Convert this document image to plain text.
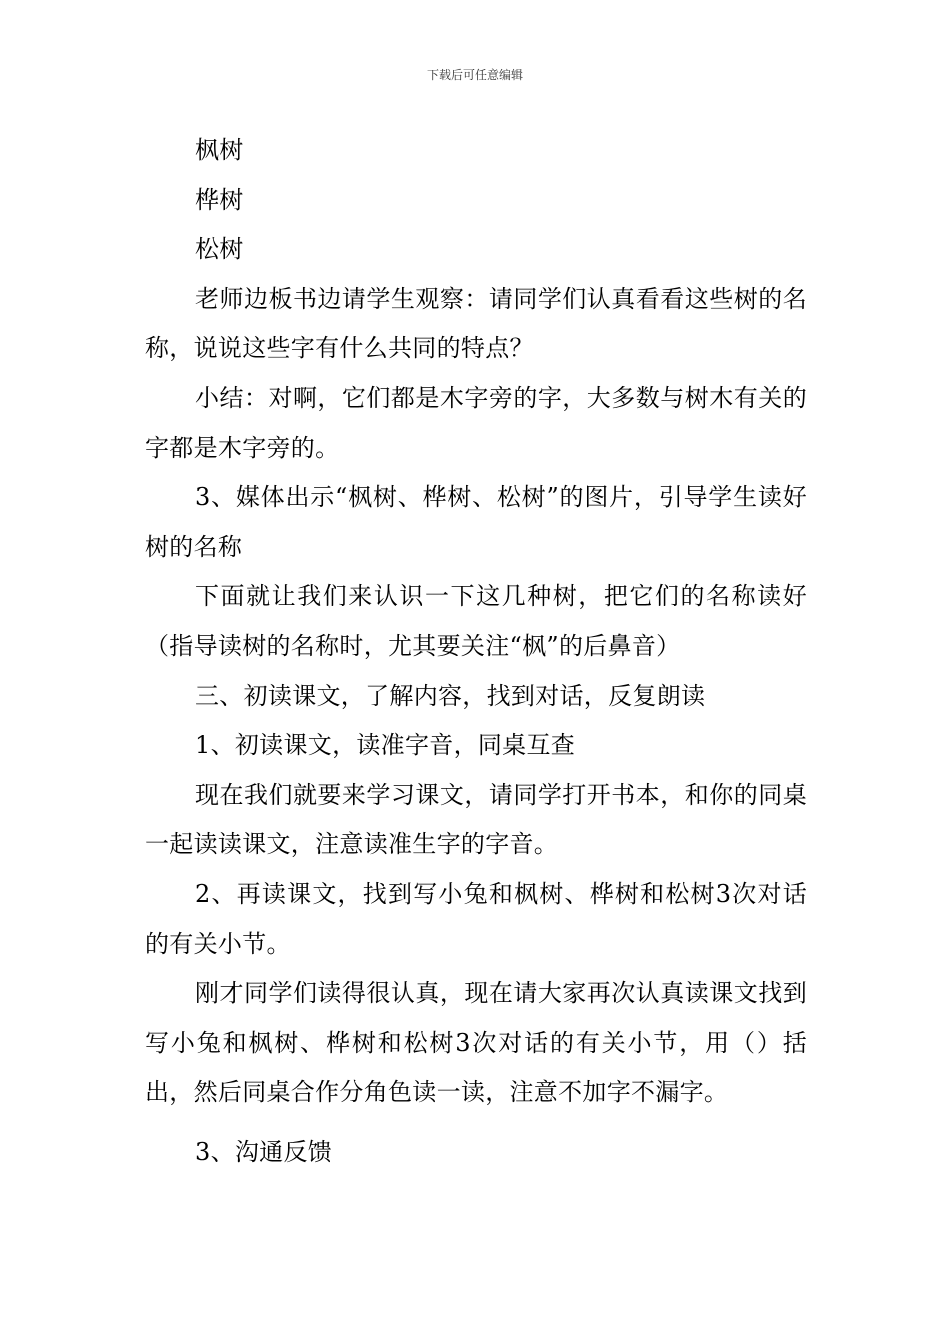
下载后可任意编辑

枫树

桦树

松树

老师边板书边请学生观察：请同学们认真看看这些树的名称，说说这些字有什么共同的特点？

小结：对啊，它们都是木字旁的字，大多数与树木有关的字都是木字旁的。

3、媒体出示“枫树、桦树、松树”的图片，引导学生读好树的名称

下面就让我们来认识一下这几种树，把它们的名称读好（指导读树的名称时，尤其要关注“枫”的后鼻音）

三、初读课文，了解内容，找到对话，反复朗读

1、初读课文，读准字音，同桌互查

现在我们就要来学习课文，请同学打开书本，和你的同桌一起读读课文，注意读准生字的字音。

2、再读课文，找到写小兔和枫树、桦树和松树3次对话的有关小节。

刚才同学们读得很认真，现在请大家再次认真读课文找到写小兔和枫树、桦树和松树3次对话的有关小节，用（）括出，然后同桌合作分角色读一读，注意不加字不漏字。

3、沟通反馈
